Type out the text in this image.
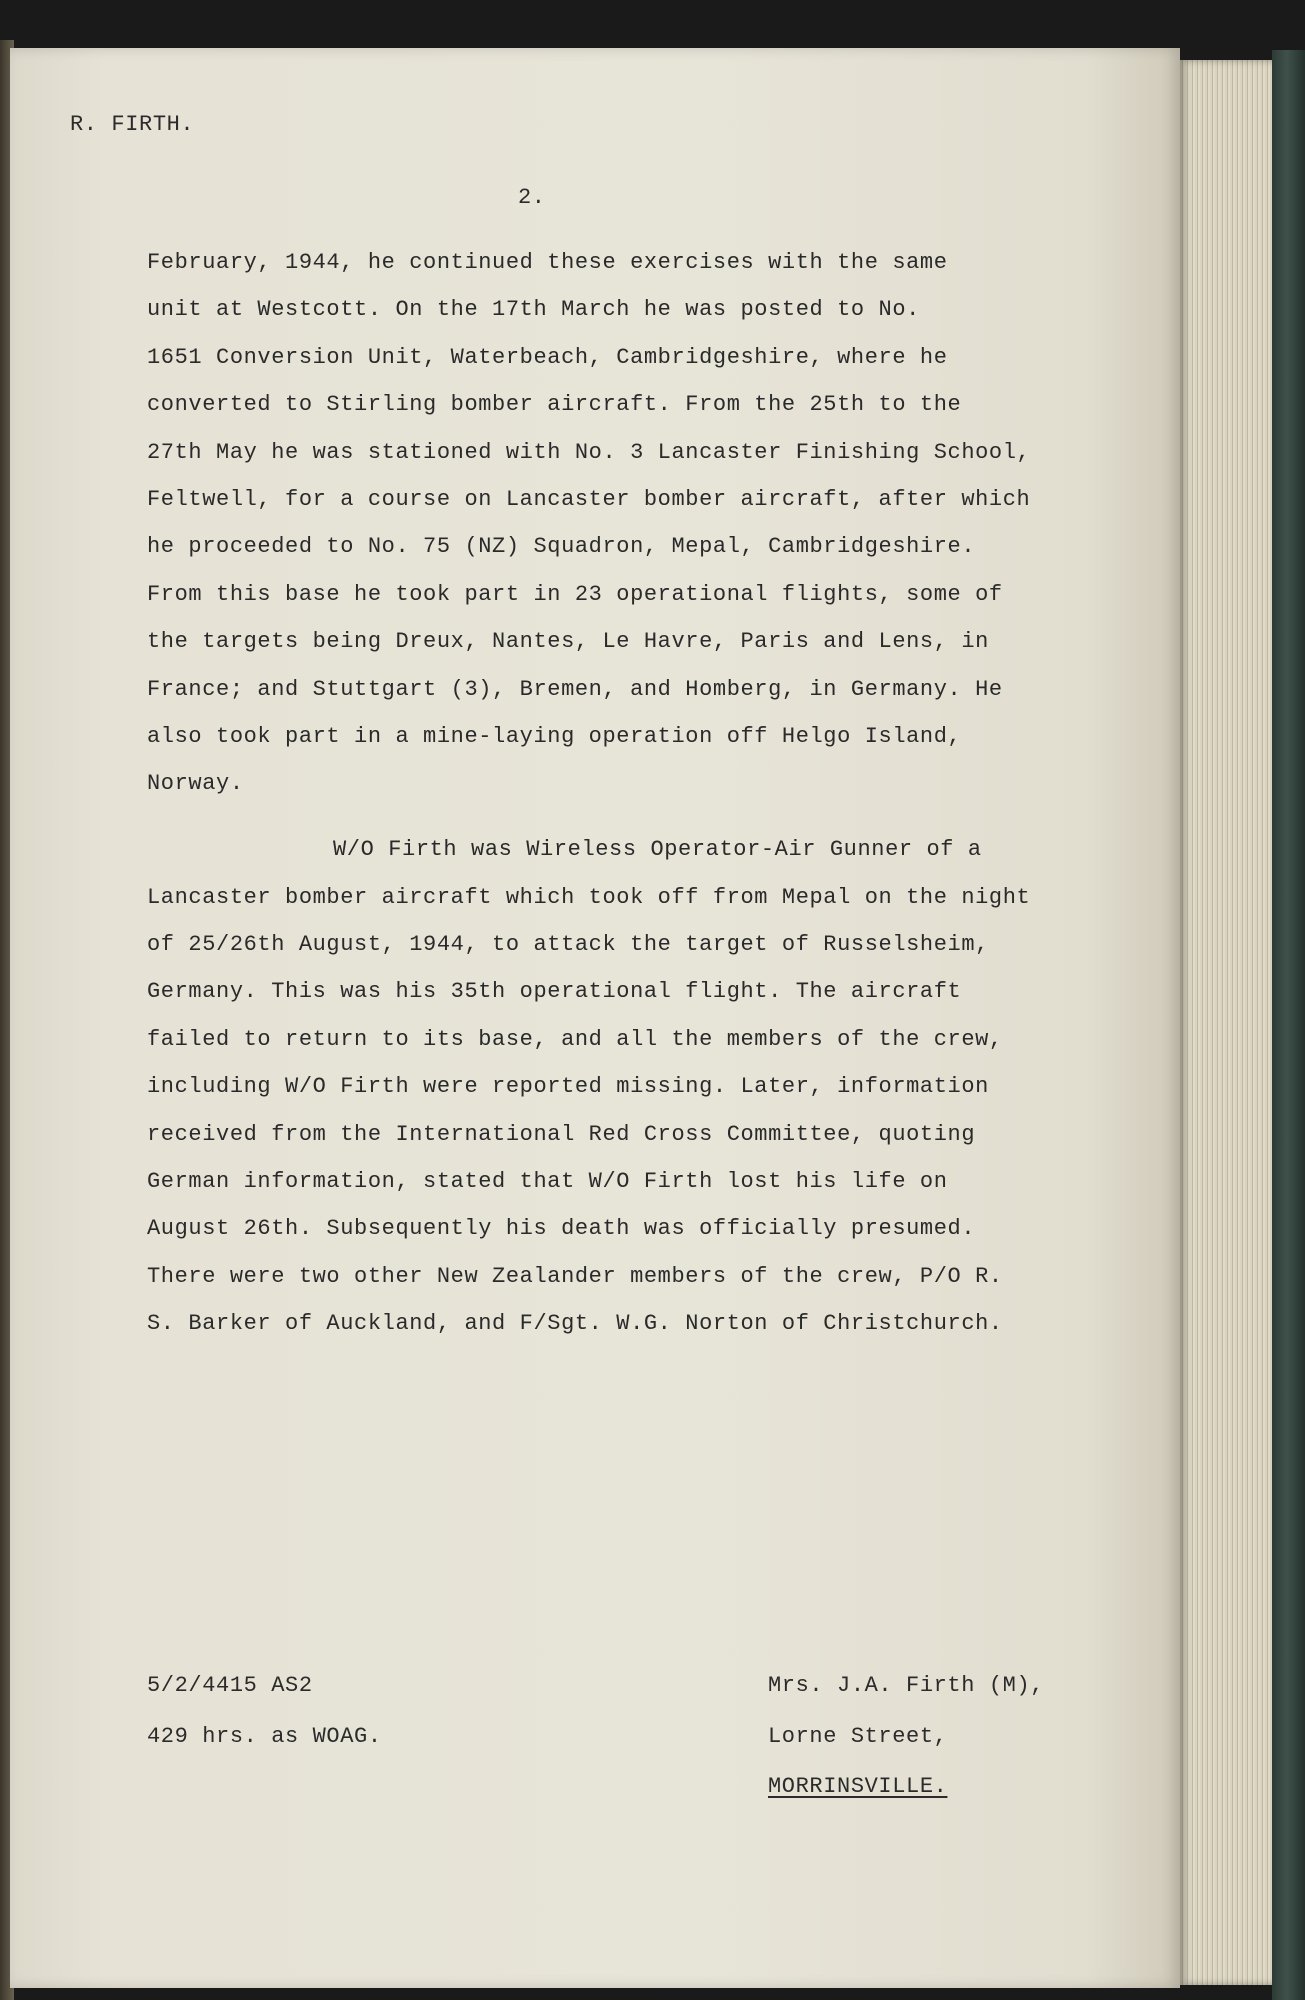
R. FIRTH.
2.
February, 1944, he continued these exercises with the same
unit at Westcott. On the 17th March he was posted to No.
1651 Conversion Unit, Waterbeach, Cambridgeshire, where he
converted to Stirling bomber aircraft. From the 25th to the
27th May he was stationed with No. 3 Lancaster Finishing School,
Feltwell, for a course on Lancaster bomber aircraft, after which
he proceeded to No. 75 (NZ) Squadron, Mepal, Cambridgeshire.
From this base he took part in 23 operational flights, some of
the targets being Dreux, Nantes, Le Havre, Paris and Lens, in
France; and Stuttgart (3), Bremen, and Homberg, in Germany. He
also took part in a mine-laying operation off Helgo Island,
Norway.
W/O Firth was Wireless Operator-Air Gunner of a
Lancaster bomber aircraft which took off from Mepal on the night
of 25/26th August, 1944, to attack the target of Russelsheim,
Germany. This was his 35th operational flight. The aircraft
failed to return to its base, and all the members of the crew,
including W/O Firth were reported missing. Later, information
received from the International Red Cross Committee, quoting
German information, stated that W/O Firth lost his life on
August 26th. Subsequently his death was officially presumed.
There were two other New Zealander members of the crew, P/O R.
S. Barker of Auckland, and F/Sgt. W.G. Norton of Christchurch.
5/2/4415 AS2
429 hrs. as WOAG.
Mrs. J.A. Firth (M),
Lorne Street,
MORRINSVILLE.
